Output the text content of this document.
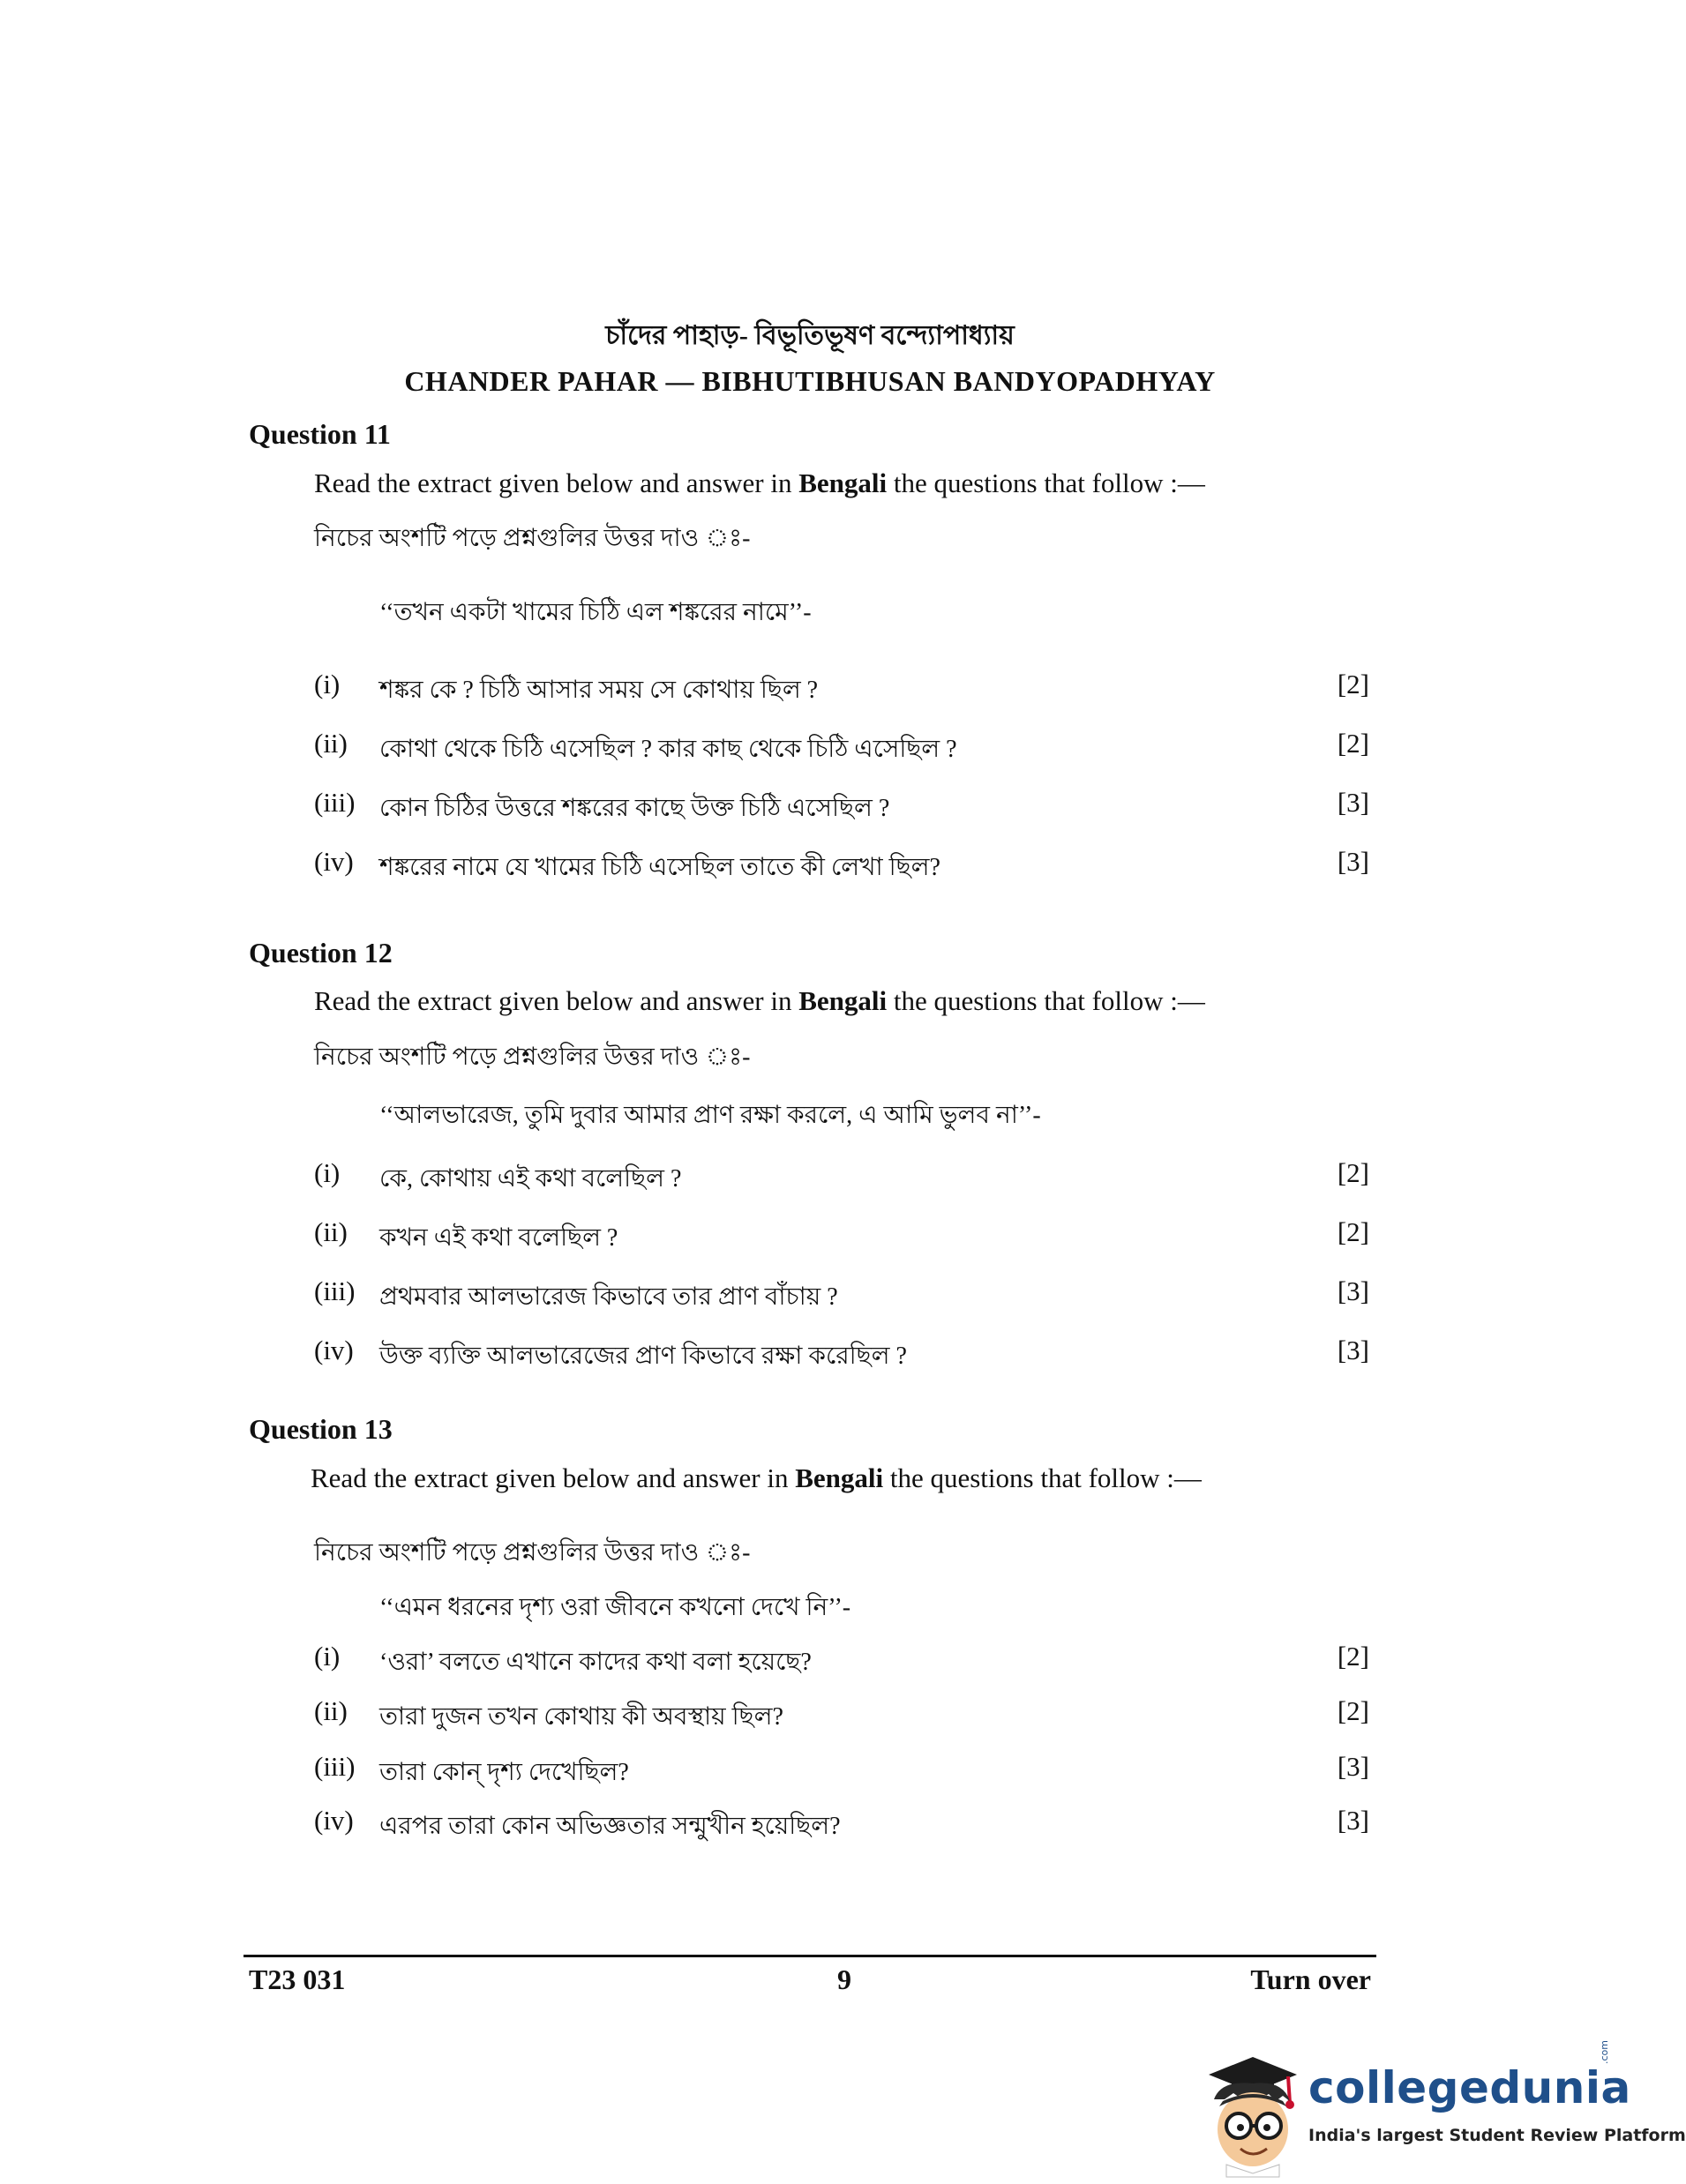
চাঁদের পাহাড়- বিভূতিভূষণ বন্দ্যোপাধ্যায়
CHANDER PAHAR — BIBHUTIBHUSAN BANDYOPADHYAY
Question 11
Read the extract given below and answer in Bengali the questions that follow :—
নিচের অংশটি পড়ে প্রশ্নগুলির উত্তর দাও ঃ-
‘‘তখন একটা খামের চিঠি এল শঙ্করের নামে’’-
(i) শঙ্কর কে ? চিঠি আসার সময় সে কোথায় ছিল ?	[2]
(ii) কোথা থেকে চিঠি এসেছিল ? কার কাছ থেকে চিঠি এসেছিল ?	[2]
(iii) কোন চিঠির উত্তরে শঙ্করের কাছে উক্ত চিঠি এসেছিল ?	[3]
(iv) শঙ্করের নামে যে খামের চিঠি এসেছিল তাতে কী লেখা ছিল?	[3]
Question 12
Read the extract given below and answer in Bengali the questions that follow :—
নিচের অংশটি পড়ে প্রশ্নগুলির উত্তর দাও ঃ-
‘‘আলভারেজ, তুমি দুবার আমার প্রাণ রক্ষা করলে, এ আমি ভুলব না’’-
(i) কে, কোথায় এই কথা বলেছিল ?	[2]
(ii) কখন এই কথা বলেছিল ?	[2]
(iii) প্রথমবার আলভারেজ কিভাবে তার প্রাণ বাঁচায় ?	[3]
(iv) উক্ত ব্যক্তি আলভারেজের প্রাণ কিভাবে রক্ষা করেছিল ?	[3]
Question 13
Read the extract given below and answer in Bengali the questions that follow :—
নিচের অংশটি পড়ে প্রশ্নগুলির উত্তর দাও ঃ-
‘‘এমন ধরনের দৃশ্য ওরা জীবনে কখনো দেখে নি’’-
(i) ‘ওরা’ বলতে এখানে কাদের কথা বলা হয়েছে?	[2]
(ii) তারা দুজন তখন কোথায় কী অবস্থায় ছিল?	[2]
(iii) তারা কোন্ দৃশ্য দেখেছিল?	[3]
(iv) এরপর তারা কোন অভিজ্ঞতার সন্মুখীন হয়েছিল?	[3]
T23 031	9	Turn over
collegedunia
.com
India's largest Student Review Platform
